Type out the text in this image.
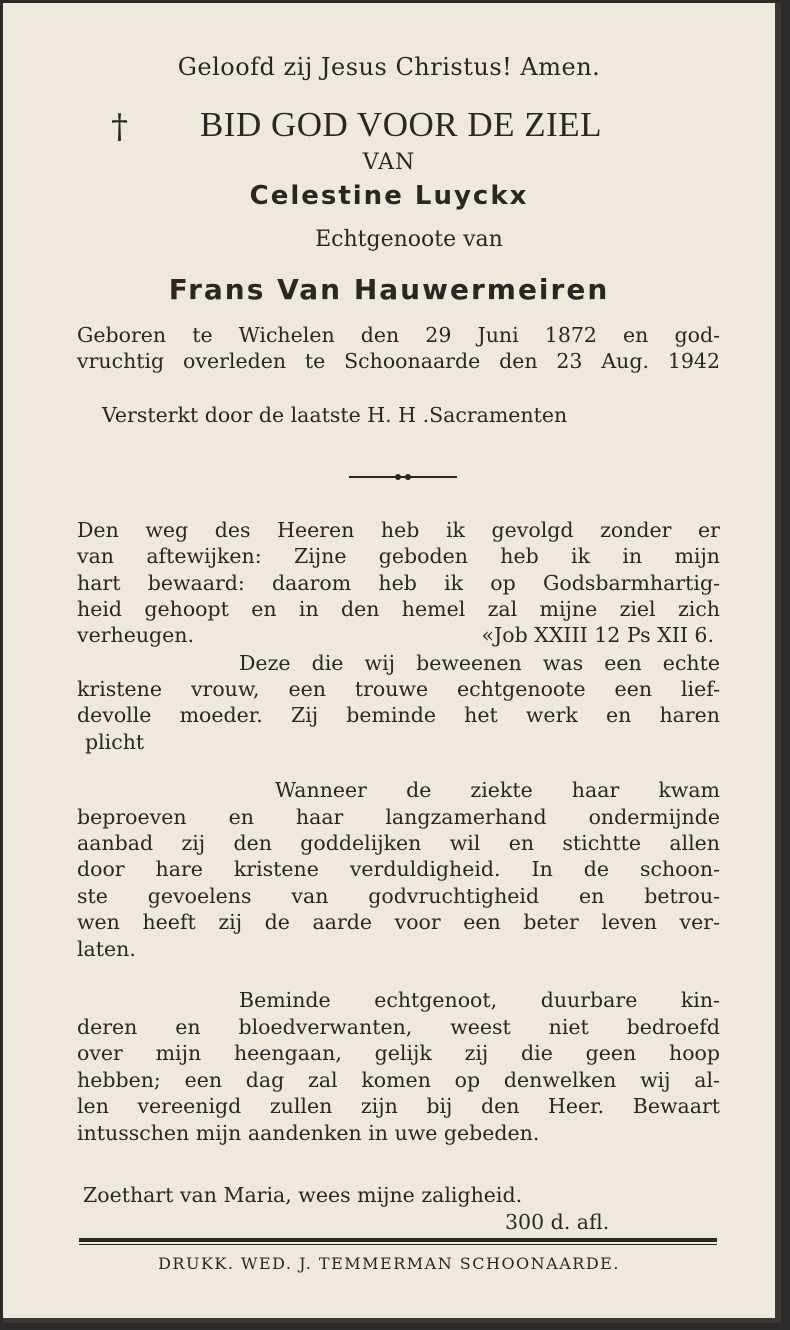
Geloofd zij Jesus Christus! Amen.
†	BID GOD VOOR DE ZIEL
VAN
Celestine Luyckx
Echtgenoote van
Frans Van Hauwermeiren
Geboren te Wichelen den 29 Juni 1872 en god-
vruchtig overleden te Schoonaarde den 23 Aug. 1942
Versterkt door de laatste H. H .Sacramenten
Den weg des Heeren heb ik gevolgd zonder er
van aftewijken: Zijne geboden heb ik in mijn
hart bewaard: daarom heb ik op Godsbarmhartig-
heid gehoopt en in den hemel zal mijne ziel zich
verheugen.	«Job XXIII 12 Ps XII 6.
Deze die wij beweenen was een echte
kristene vrouw, een trouwe echtgenoote een lief-
devolle moeder. Zij beminde het werk en haren
plicht
Wanneer de ziekte haar kwam
beproeven en haar langzamerhand ondermijnde
aanbad zij den goddelijken wil en stichtte allen
door hare kristene verduldigheid. In de schoon-
ste gevoelens van godvruchtigheid en betrou-
wen heeft zij de aarde voor een beter leven ver-
laten.
Beminde echtgenoot, duurbare kin-
deren en bloedverwanten, weest niet bedroefd
over mijn heengaan, gelijk zij die geen hoop
hebben; een dag zal komen op denwelken wij al-
len vereenigd zullen zijn bij den Heer. Bewaart
intusschen mijn aandenken in uwe gebeden.
Zoethart van Maria, wees mijne zaligheid.
300 d. afl.
DRUKK. WED. J. TEMMERMAN SCHOONAARDE.
